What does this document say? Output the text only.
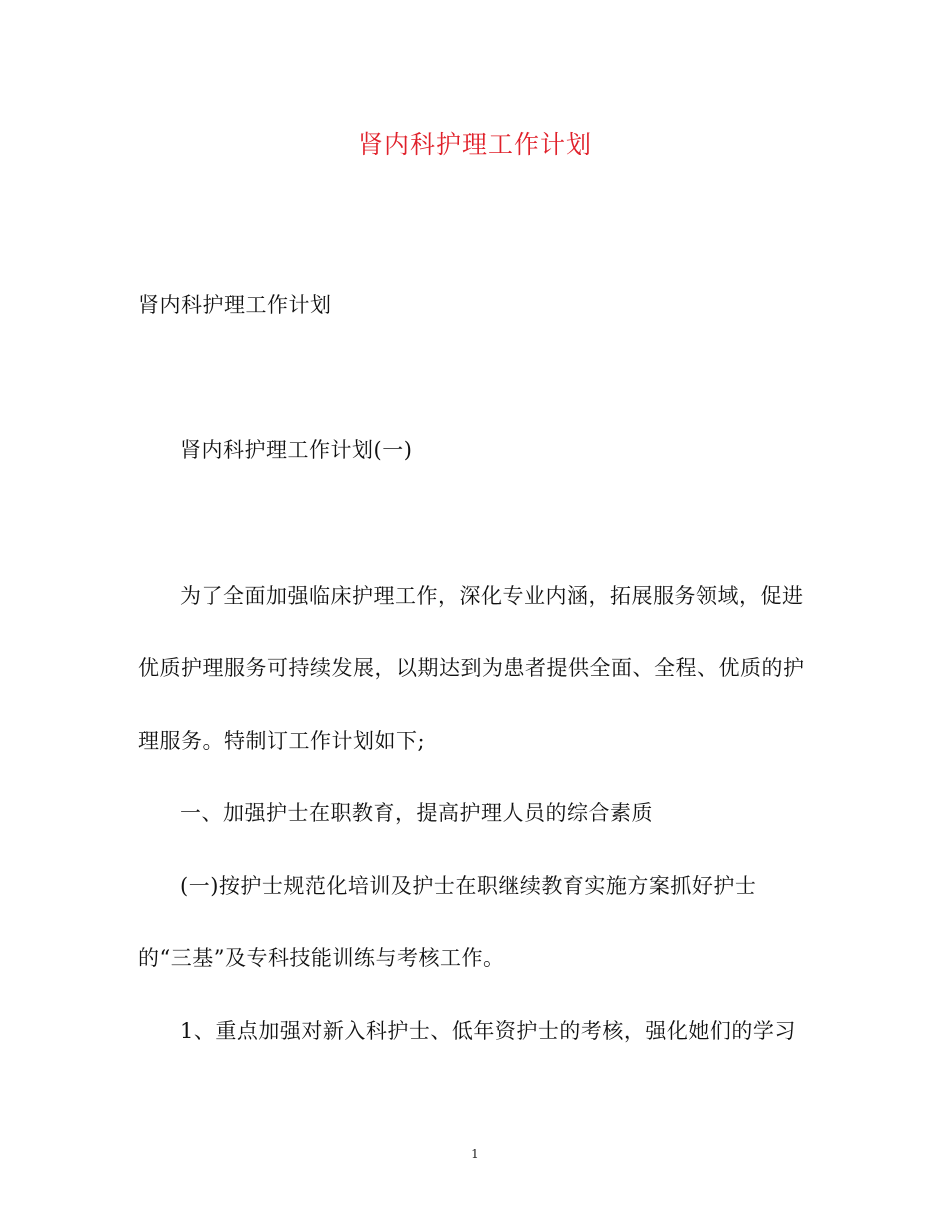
肾内科护理工作计划
肾内科护理工作计划
肾内科护理工作计划(一)
为了全面加强临床护理工作，深化专业内涵，拓展服务领域，促进
优质护理服务可持续发展，以期达到为患者提供全面、全程、优质的护
理服务。特制订工作计划如下;
一、加强护士在职教育，提高护理人员的综合素质
(一)按护士规范化培训及护士在职继续教育实施方案抓好护士
的“三基”及专科技能训练与考核工作。
1、重点加强对新入科护士、低年资护士的考核，强化她们的学习
1
